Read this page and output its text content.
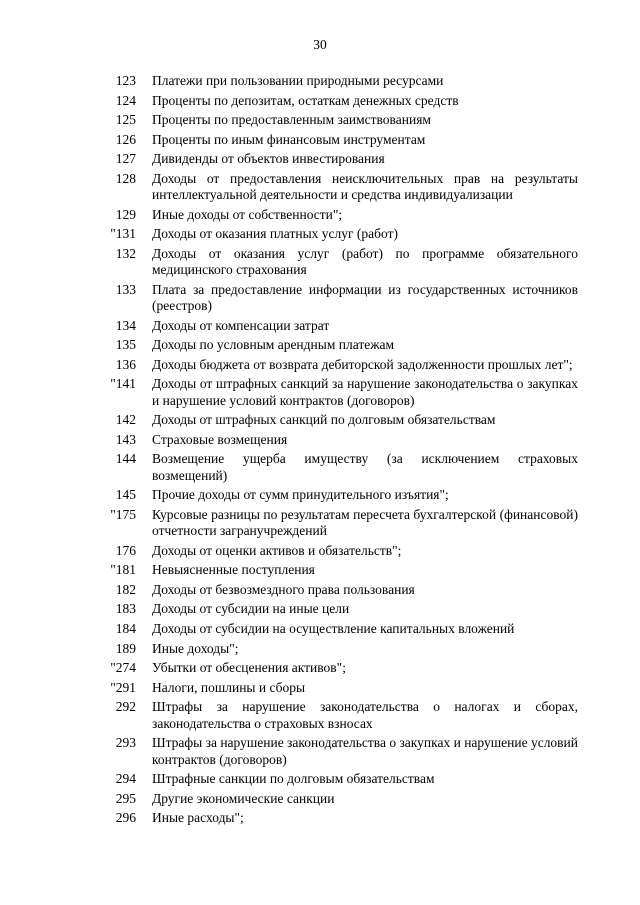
30
123 Платежи при пользовании природными ресурсами
124 Проценты по депозитам, остаткам денежных средств
125 Проценты по предоставленным заимствованиям
126 Проценты по иным финансовым инструментам
127 Дивиденды от объектов инвестирования
128 Доходы от предоставления неисключительных прав на результаты интеллектуальной деятельности и средства индивидуализации
129 Иные доходы от собственности";
"131 Доходы от оказания платных услуг (работ)
132 Доходы от оказания услуг (работ) по программе обязательного медицинского страхования
133 Плата за предоставление информации из государственных источников (реестров)
134 Доходы от компенсации затрат
135 Доходы по условным арендным платежам
136 Доходы бюджета от возврата дебиторской задолженности прошлых лет";
"141 Доходы от штрафных санкций за нарушение законодательства о закупках и нарушение условий контрактов (договоров)
142 Доходы от штрафных санкций по долговым обязательствам
143 Страховые возмещения
144 Возмещение ущерба имуществу (за исключением страховых возмещений)
145 Прочие доходы от сумм принудительного изъятия";
"175 Курсовые разницы по результатам пересчета бухгалтерской (финансовой) отчетности загранучреждений
176 Доходы от оценки активов и обязательств";
"181 Невыясненные поступления
182 Доходы от безвозмездного права пользования
183 Доходы от субсидии на иные цели
184 Доходы от субсидии на осуществление капитальных вложений
189 Иные доходы";
"274 Убытки от обесценения активов";
"291 Налоги, пошлины и сборы
292 Штрафы за нарушение законодательства о налогах и сборах, законодательства о страховых взносах
293 Штрафы за нарушение законодательства о закупках и нарушение условий контрактов (договоров)
294 Штрафные санкции по долговым обязательствам
295 Другие экономические санкции
296 Иные расходы";
